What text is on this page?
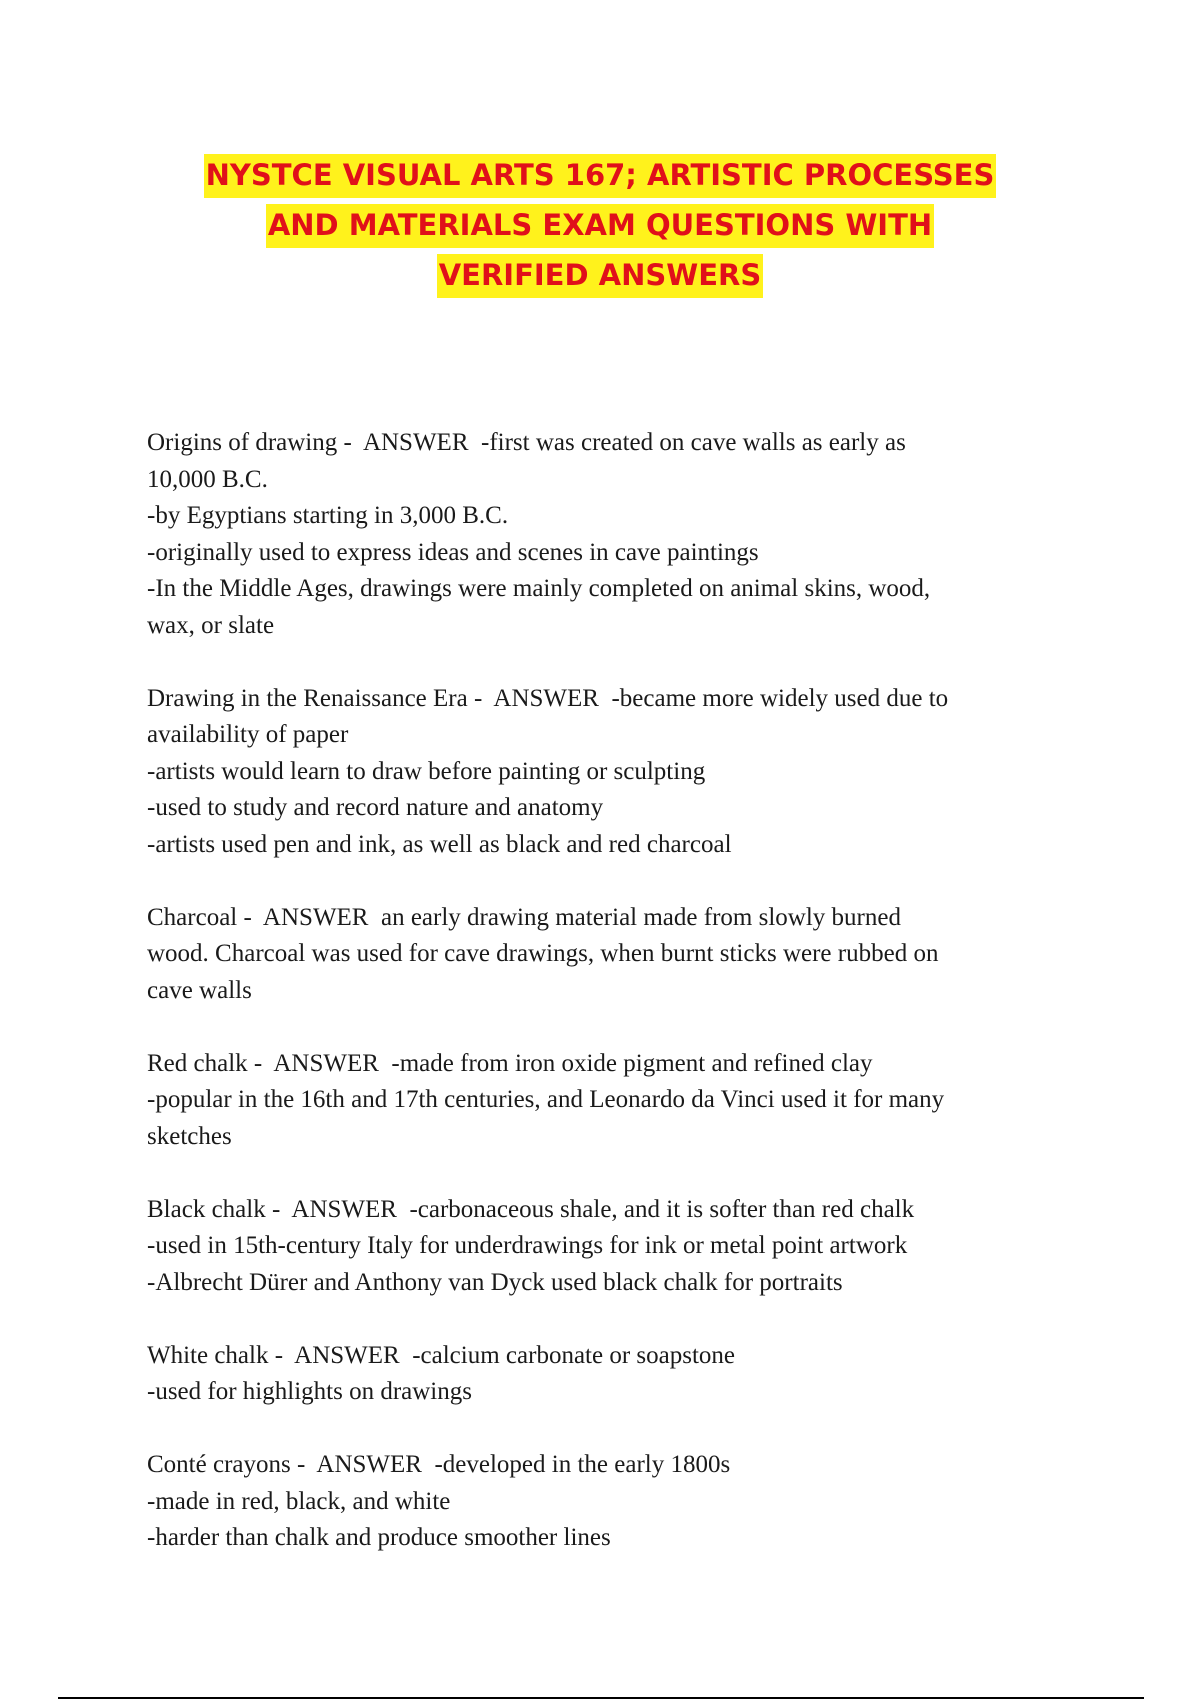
NYSTCE VISUAL ARTS 167; ARTISTIC PROCESSES
AND MATERIALS EXAM QUESTIONS WITH
VERIFIED ANSWERS
Origins of drawing -  ANSWER  -first was created on cave walls as early as
10,000 B.C.
-by Egyptians starting in 3,000 B.C.
-originally used to express ideas and scenes in cave paintings
-In the Middle Ages, drawings were mainly completed on animal skins, wood,
wax, or slate
Drawing in the Renaissance Era -  ANSWER  -became more widely used due to
availability of paper
-artists would learn to draw before painting or sculpting
-used to study and record nature and anatomy
-artists used pen and ink, as well as black and red charcoal
Charcoal -  ANSWER  an early drawing material made from slowly burned
wood. Charcoal was used for cave drawings, when burnt sticks were rubbed on
cave walls
Red chalk -  ANSWER  -made from iron oxide pigment and refined clay
-popular in the 16th and 17th centuries, and Leonardo da Vinci used it for many
sketches
Black chalk -  ANSWER  -carbonaceous shale, and it is softer than red chalk
-used in 15th-century Italy for underdrawings for ink or metal point artwork
-Albrecht Dürer and Anthony van Dyck used black chalk for portraits
White chalk -  ANSWER  -calcium carbonate or soapstone
-used for highlights on drawings
Conté crayons -  ANSWER  -developed in the early 1800s
-made in red, black, and white
-harder than chalk and produce smoother lines
